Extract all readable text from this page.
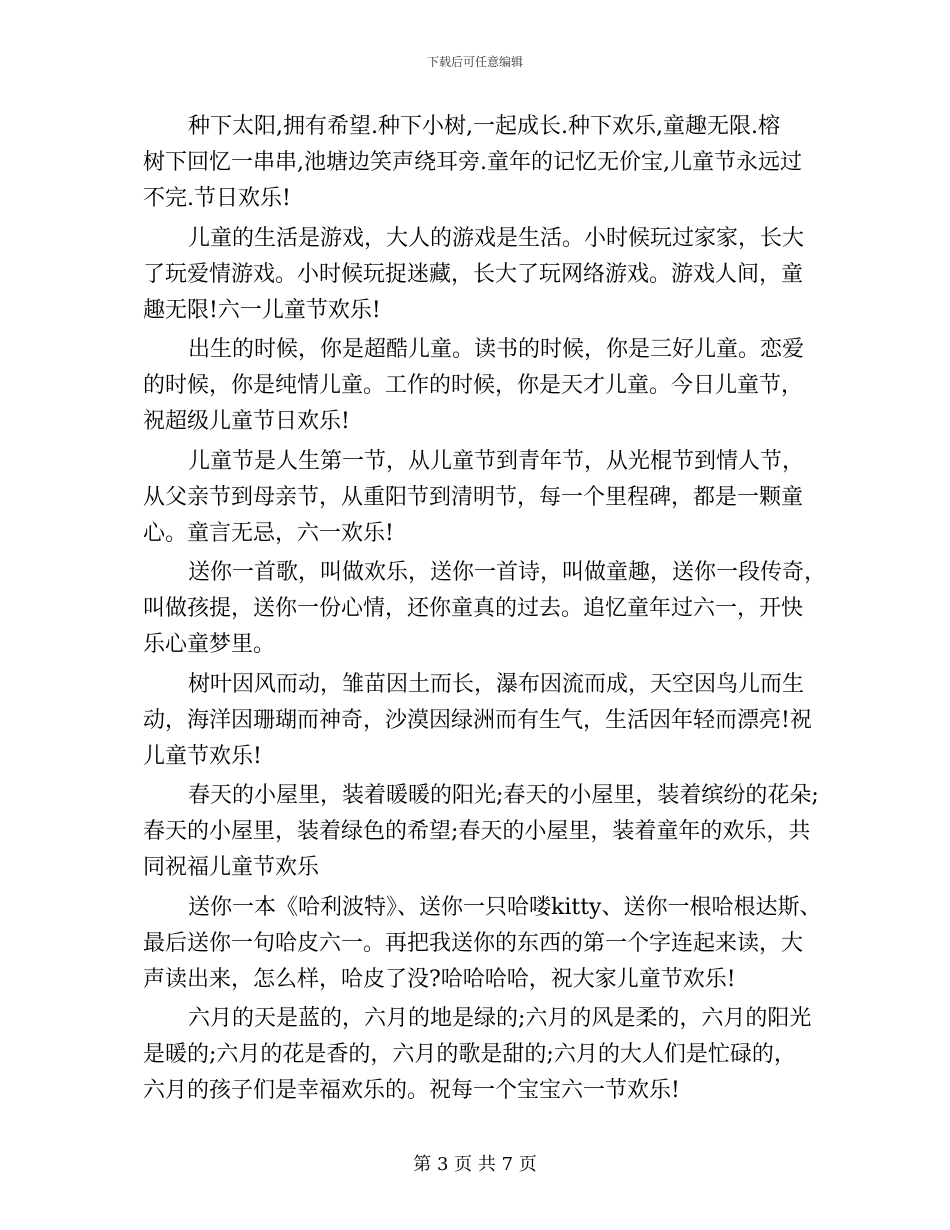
下载后可任意编辑
种下太阳,拥有希望.种下小树,一起成长.种下欢乐,童趣无限.榕
树下回忆一串串,池塘边笑声绕耳旁.童年的记忆无价宝,儿童节永远过
不完.节日欢乐!
儿童的生活是游戏，大人的游戏是生活。小时候玩过家家，长大
了玩爱情游戏。小时候玩捉迷藏，长大了玩网络游戏。游戏人间，童
趣无限!六一儿童节欢乐!
出生的时候，你是超酷儿童。读书的时候，你是三好儿童。恋爱
的时候，你是纯情儿童。工作的时候，你是天才儿童。今日儿童节，
祝超级儿童节日欢乐!
儿童节是人生第一节，从儿童节到青年节，从光棍节到情人节，
从父亲节到母亲节，从重阳节到清明节，每一个里程碑，都是一颗童
心。童言无忌，六一欢乐!
送你一首歌，叫做欢乐，送你一首诗，叫做童趣，送你一段传奇，
叫做孩提，送你一份心情，还你童真的过去。追忆童年过六一，开快
乐心童梦里。
树叶因风而动，雏苗因土而长，瀑布因流而成，天空因鸟儿而生
动，海洋因珊瑚而神奇，沙漠因绿洲而有生气，生活因年轻而漂亮!祝
儿童节欢乐!
春天的小屋里，装着暖暖的阳光;春天的小屋里，装着缤纷的花朵;
春天的小屋里，装着绿色的希望;春天的小屋里，装着童年的欢乐，共
同祝福儿童节欢乐
送你一本《哈利波特》、送你一只哈喽kitty、送你一根哈根达斯、
最后送你一句哈皮六一。再把我送你的东西的第一个字连起来读，大
声读出来，怎么样，哈皮了没?哈哈哈哈，祝大家儿童节欢乐!
六月的天是蓝的，六月的地是绿的;六月的风是柔的，六月的阳光
是暖的;六月的花是香的，六月的歌是甜的;六月的大人们是忙碌的，
六月的孩子们是幸福欢乐的。祝每一个宝宝六一节欢乐!
第 3 页 共 7 页
